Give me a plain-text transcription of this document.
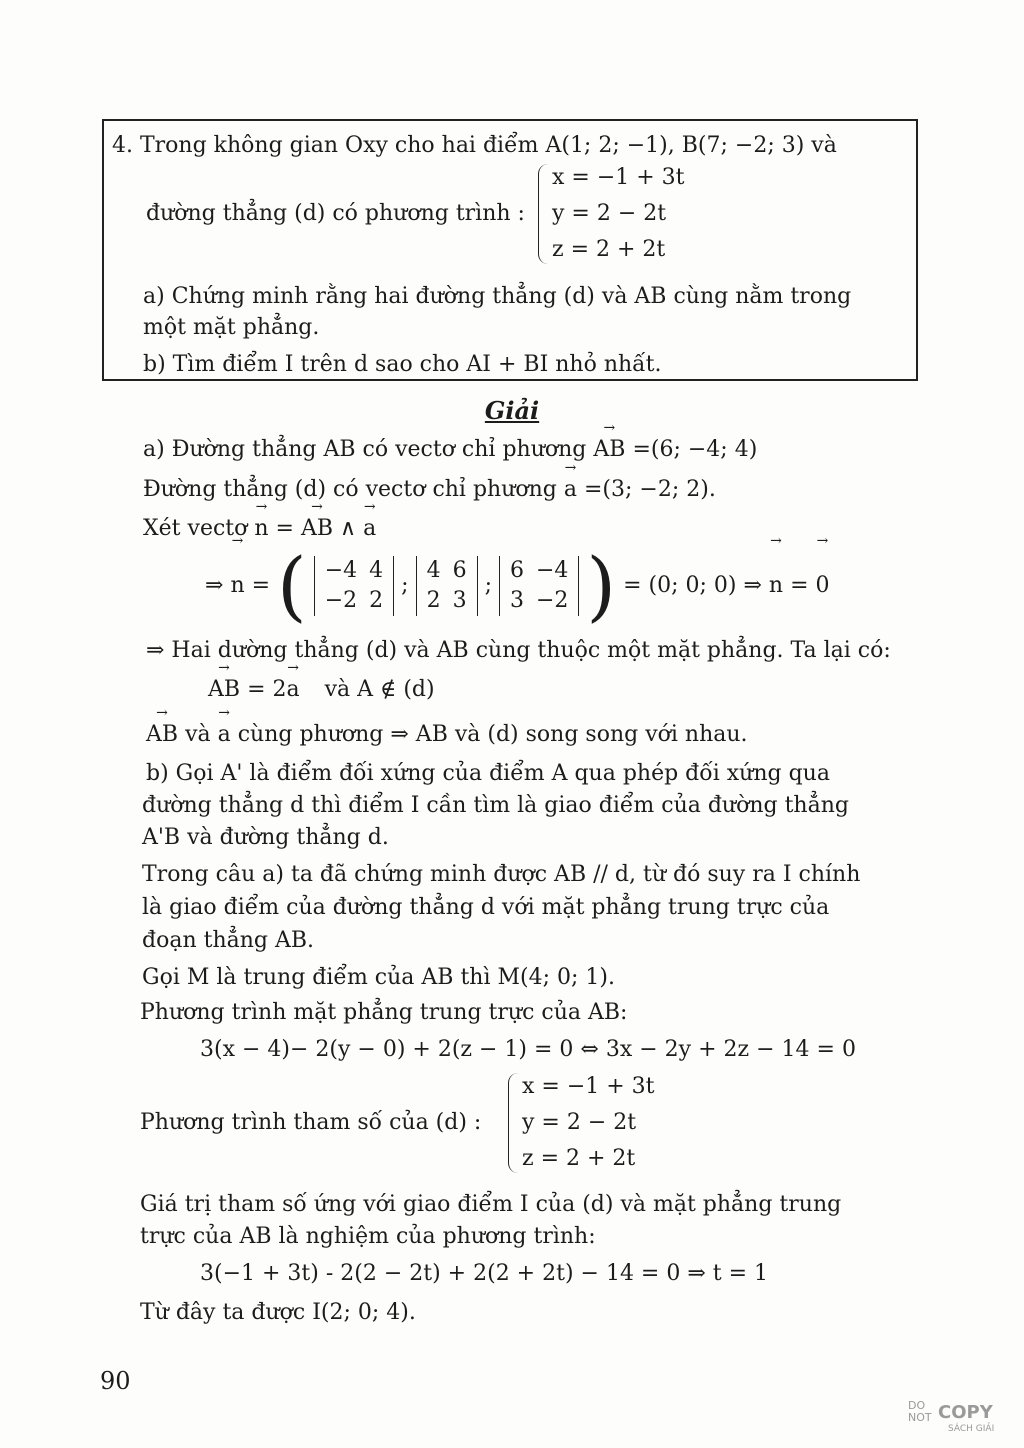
4. Trong không gian Oxy cho hai điểm A(1; 2; −1), B(7; −2; 3) và
đường thẳng (d) có phương trình :
x = −1 + 3t
y = 2 − 2t
z = 2 + 2t
a) Chứng minh rằng hai đường thẳng (d) và AB cùng nằm trong
một mặt phẳng.
b) Tìm điểm I trên d sao cho AI + BI nhỏ nhất.
Giải
a) Đường thẳng AB có vectơ chỉ phương → AB =(6; −4; 4)
Đường thẳng (d) có vectơ chỉ phương → a =(3; −2; 2).
Xét vectơ → n = → AB ∧ → a
⇒ → n = ( −4	4
−2	2
;
4	6
2	3
;
6	−4
3	−2 ) = (0; 0; 0) ⇒ → n = → 0
⇒ Hai dường thẳng (d) và AB cùng thuộc một mặt phẳng. Ta lại có:
→ AB = 2→ a và A ∉ (d)
→ AB và → a cùng phương ⇒ AB và (d) song song với nhau.
b) Gọi A' là điểm đối xứng của điểm A qua phép đối xứng qua
đường thẳng d thì điểm I cần tìm là giao điểm của đường thẳng
A'B và đường thẳng d.
Trong câu a) ta đã chứng minh được AB // d, từ đó suy ra I chính
là giao điểm của đường thẳng d với mặt phẳng trung trực của
đoạn thẳng AB.
Gọi M là trung điểm của AB thì M(4; 0; 1).
Phương trình mặt phẳng trung trực của AB:
3(x − 4)− 2(y − 0) + 2(z − 1) = 0 ⇔ 3x − 2y + 2z − 14 = 0
Phương trình tham số của (d) :
x = −1 + 3t
y = 2 − 2t
z = 2 + 2t
Giá trị tham số ứng với giao điểm I của (d) và mặt phẳng trung
trực của AB là nghiệm của phương trình:
3(−1 + 3t) - 2(2 − 2t) + 2(2 + 2t) − 14 = 0 ⇒ t = 1
Từ đây ta được I(2; 0; 4).
90
DO NOT COPY
SÁCH GIẢI
